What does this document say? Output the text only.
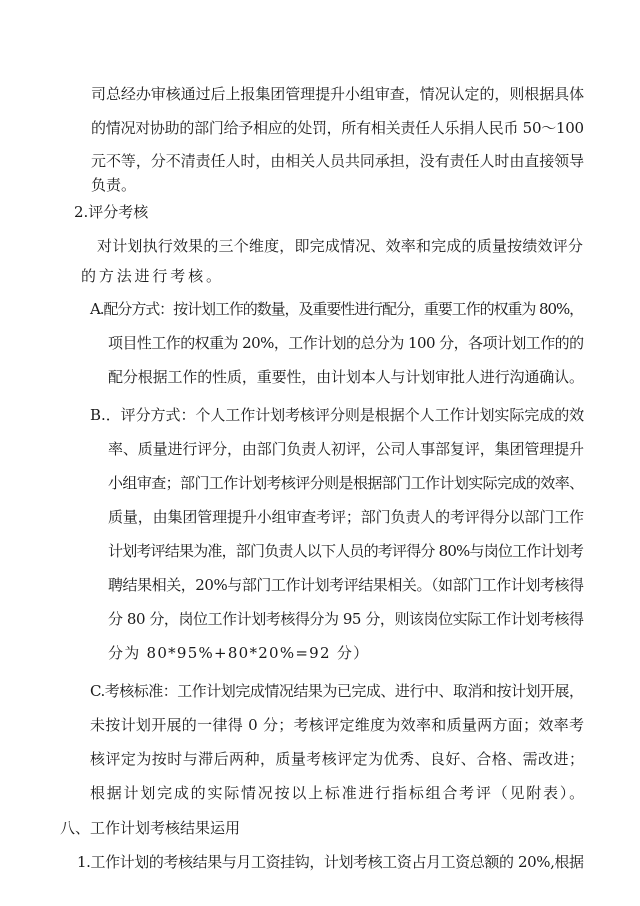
司总经办审核通过后上报集团管理提升小组审查，情况认定的，则根据具体
的情况对协助的部门给予相应的处罚，所有相关责任人乐捐人民币 50～100
元不等，分不清责任人时，由相关人员共同承担，没有责任人时由直接领导
负责。
2.评分考核
对计划执行效果的三个维度，即完成情况、效率和完成的质量按绩效评分
的方法进行考核。
A.配分方式：按计划工作的数量，及重要性进行配分，重要工作的权重为 80%，
项目性工作的权重为 20%，工作计划的总分为 100 分，各项计划工作的的
配分根据工作的性质，重要性，由计划本人与计划审批人进行沟通确认。
B.．评分方式：个人工作计划考核评分则是根据个人工作计划实际完成的效
率、质量进行评分，由部门负责人初评，公司人事部复评，集团管理提升
小组审查；部门工作计划考核评分则是根据部门工作计划实际完成的效率、
质量，由集团管理提升小组审查考评；部门负责人的考评得分以部门工作
计划考评结果为准，部门负责人以下人员的考评得分 80%与岗位工作计划考
聘结果相关，20%与部门工作计划考评结果相关。（如部门工作计划考核得
分 80 分，岗位工作计划考核得分为 95 分，则该岗位实际工作计划考核得
分为 80*95%+80*20%=92 分）
C.考核标准：工作计划完成情况结果为已完成、进行中、取消和按计划开展，
未按计划开展的一律得 0 分；考核评定维度为效率和质量两方面；效率考
核评定为按时与滞后两种，质量考核评定为优秀、良好、合格、需改进；
根据计划完成的实际情况按以上标准进行指标组合考评（见附表）。
八、工作计划考核结果运用
1.工作计划的考核结果与月工资挂钩，计划考核工资占月工资总额的 20%,根据
